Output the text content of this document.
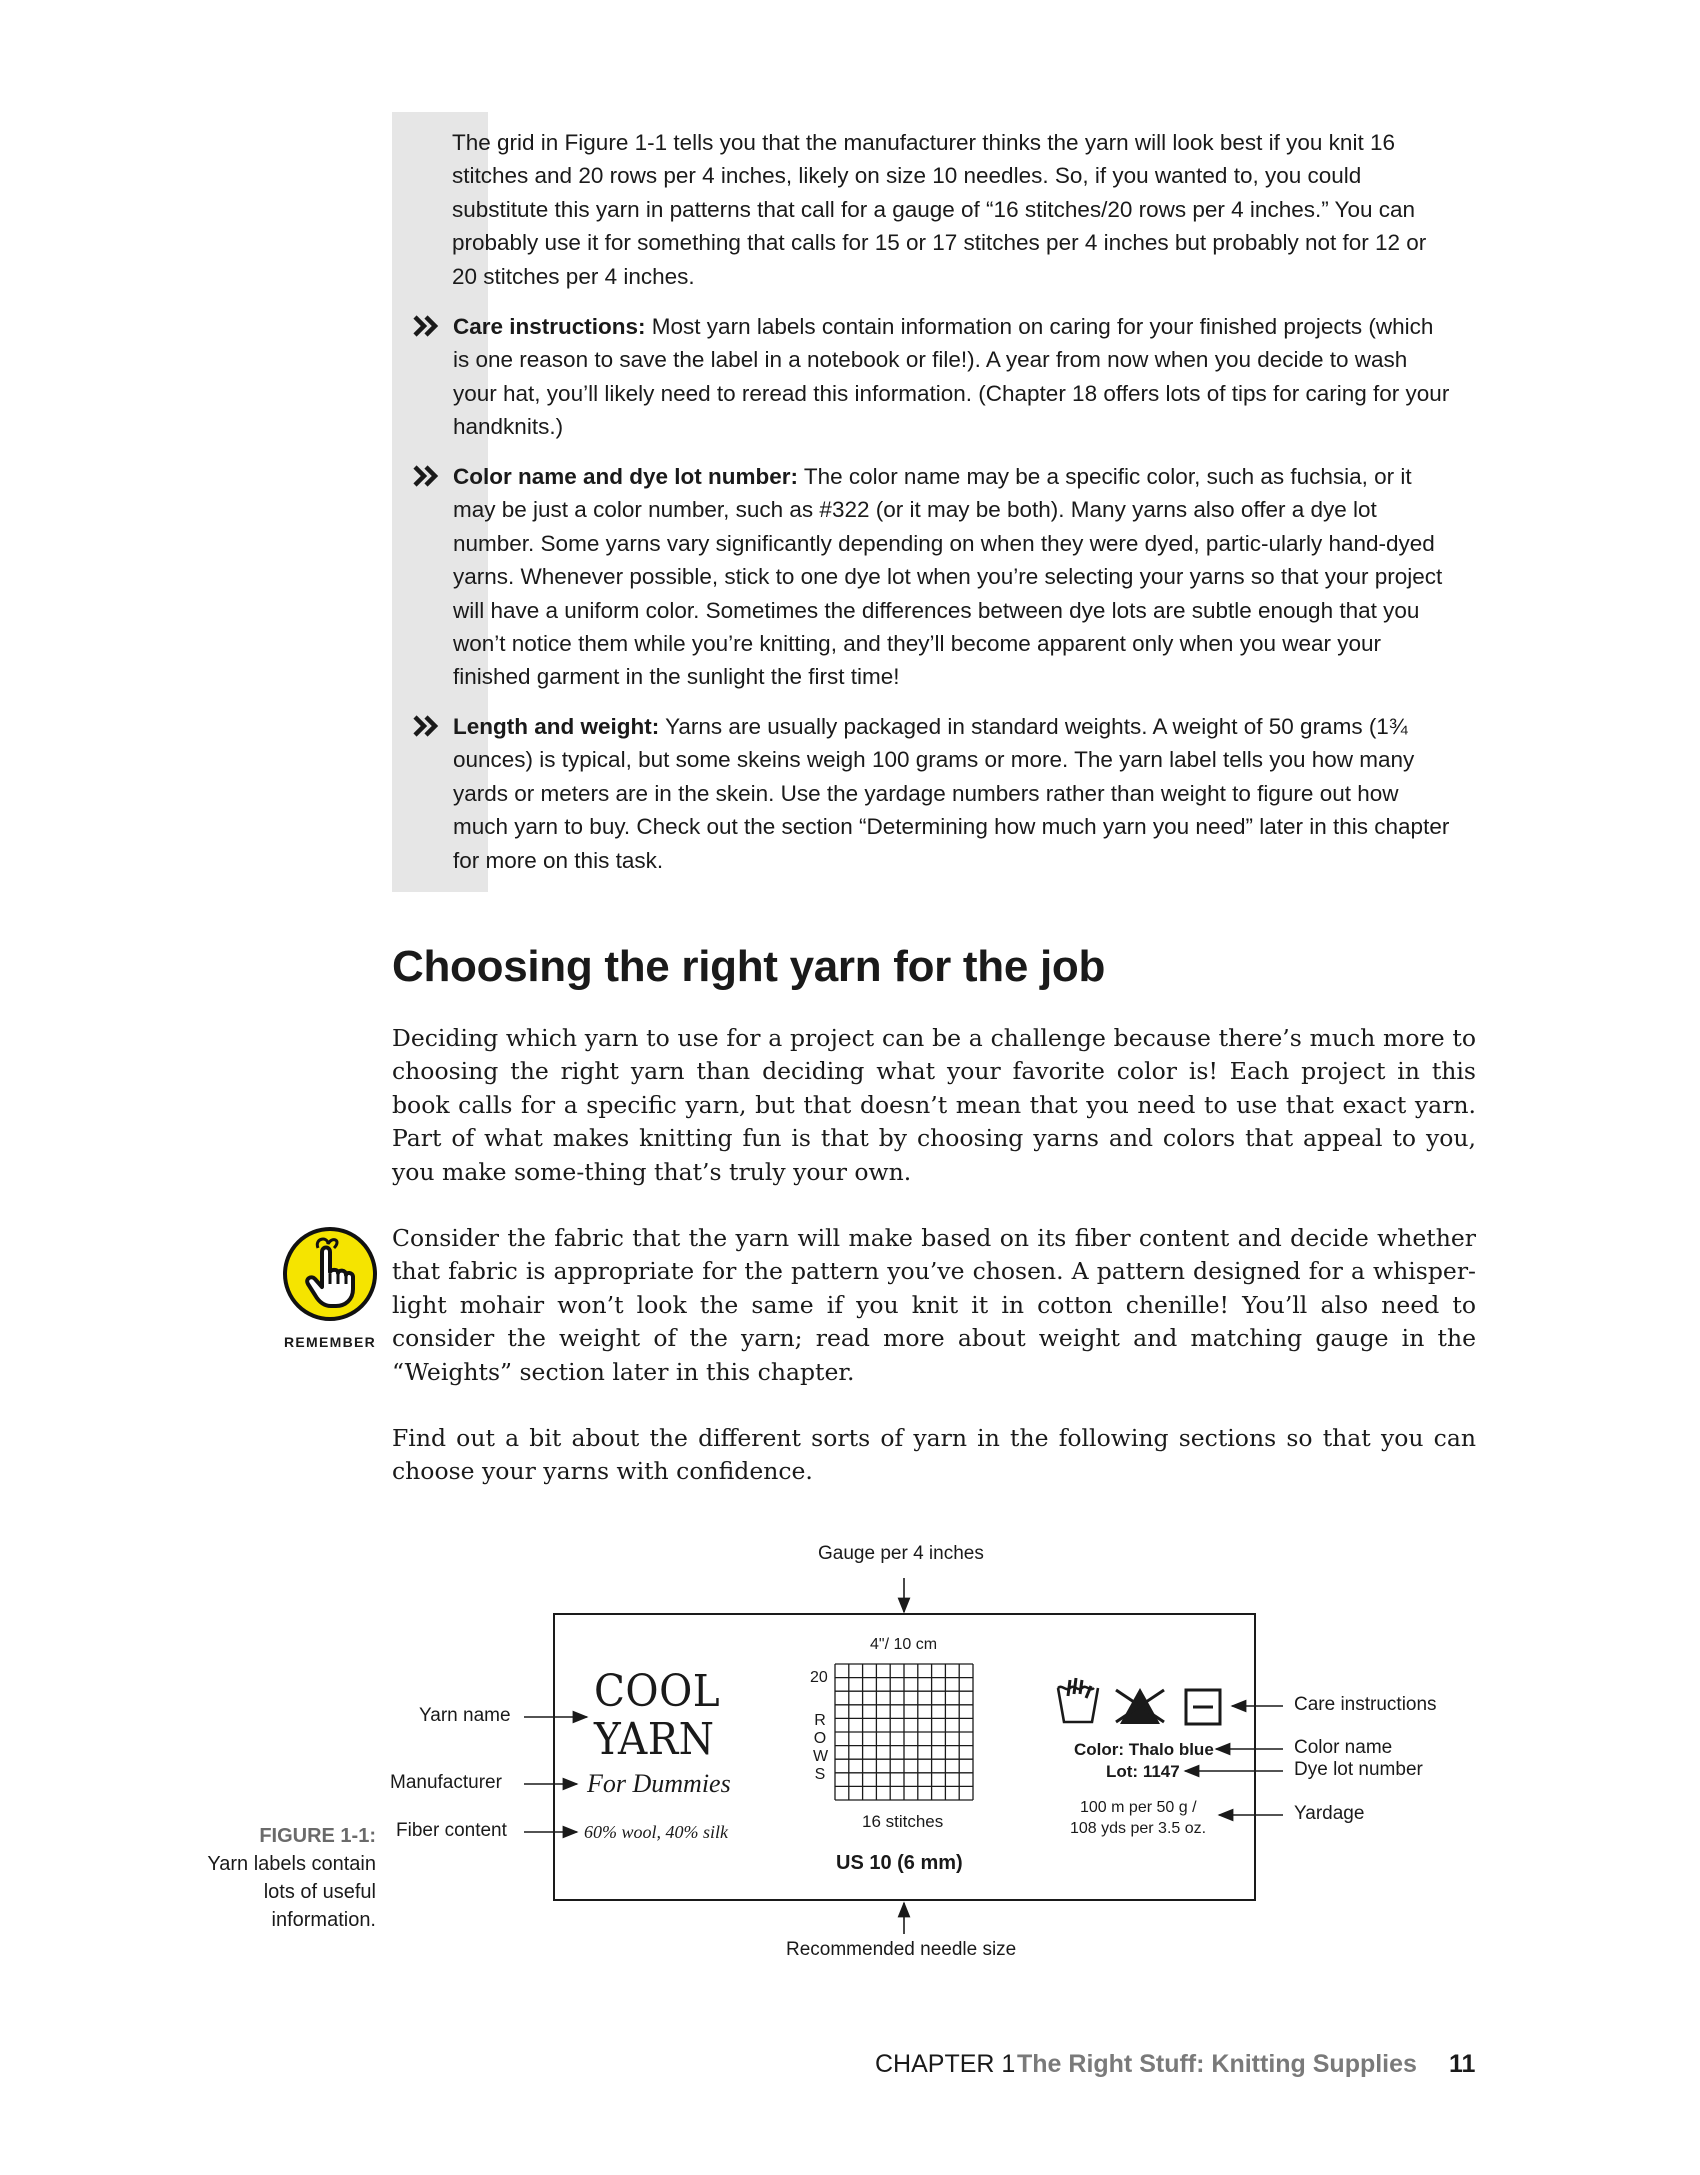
The grid in Figure 1-1 tells you that the manufacturer thinks the yarn will look best if you knit 16 stitches and 20 rows per 4 inches, likely on size 10 needles. So, if you wanted to, you could substitute this yarn in patterns that call for a gauge of “16 stitches/20 rows per 4 inches.” You can probably use it for something that calls for 15 or 17 stitches per 4 inches but probably not for 12 or 20 stitches per 4 inches.
Care instructions: Most yarn labels contain information on caring for your finished projects (which is one reason to save the label in a notebook or file!). A year from now when you decide to wash your hat, you’ll likely need to reread this information. (Chapter 18 offers lots of tips for caring for your handknits.)
Color name and dye lot number: The color name may be a specific color, such as fuchsia, or it may be just a color number, such as #322 (or it may be both). Many yarns also offer a dye lot number. Some yarns vary significantly depending on when they were dyed, partic-ularly hand-dyed yarns. Whenever possible, stick to one dye lot when you’re selecting your yarns so that your project will have a uniform color. Sometimes the differences between dye lots are subtle enough that you won’t notice them while you’re knitting, and they’ll become apparent only when you wear your finished garment in the sunlight the first time!
Length and weight: Yarns are usually packaged in standard weights. A weight of 50 grams (1¾ ounces) is typical, but some skeins weigh 100 grams or more. The yarn label tells you how many yards or meters are in the skein. Use the yardage numbers rather than weight to figure out how much yarn to buy. Check out the section “Determining how much yarn you need” later in this chapter for more on this task.
Choosing the right yarn for the job
Deciding which yarn to use for a project can be a challenge because there’s much more to choosing the right yarn than deciding what your favorite color is! Each project in this book calls for a specific yarn, but that doesn’t mean that you need to use that exact yarn. Part of what makes knitting fun is that by choosing yarns and colors that appeal to you, you make some-thing that’s truly your own.
REMEMBER
Consider the fabric that the yarn will make based on its fiber content and decide whether that fabric is appropriate for the pattern you’ve chosen. A pattern designed for a whisper-light mohair won’t look the same if you knit it in cotton chenille! You’ll also need to consider the weight of the yarn; read more about weight and matching gauge in the “Weights” section later in this chapter.
Find out a bit about the different sorts of yarn in the following sections so that you can choose your yarns with confidence.
FIGURE 1-1:
Yarn labels contain lots of useful information.
Gauge per 4 inches
Yarn name
Manufacturer
Fiber content
Care instructions
Color name
Dye lot number
Yardage
Recommended needle size
COOL
YARN
For Dummies
60% wool, 40% silk
4"/ 10 cm
20
R
O
W
S
16 stitches
US 10 (6 mm)
Color: Thalo blue
Lot: 1147
100 m per 50 g /
108 yds per 3.5 oz.
CHAPTER 1 The Right Stuff: Knitting Supplies 11
